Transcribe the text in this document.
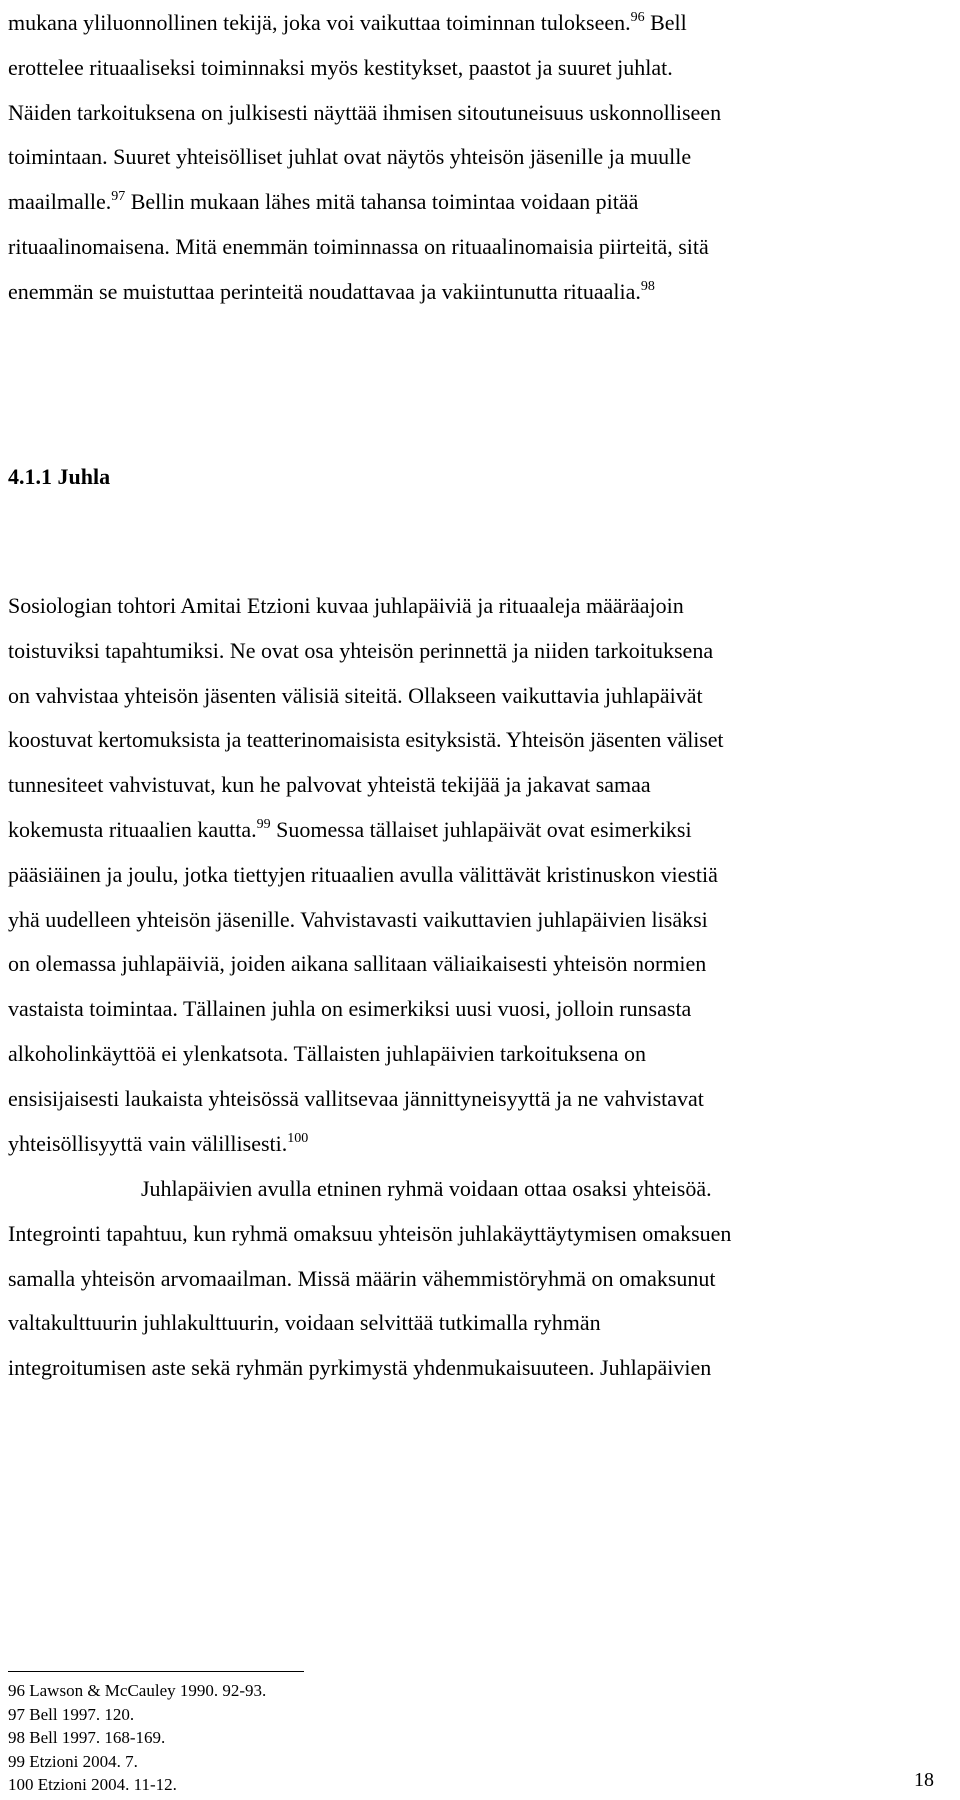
mukana yliluonnollinen tekijä, joka voi vaikuttaa toiminnan tulokseen.$^{96}$ Bell
erottelee rituaaliseksi toiminnaksi myös kestitykset, paastot ja suuret juhlat.
Näiden tarkoituksena on julkisesti näyttää ihmisen sitoutuneisuus uskonnolliseen
toimintaan. Suuret yhteisölliset juhlat ovat näytös yhteisön jäsenille ja muulle
maailmalle.$^{97}$ Bellin mukaan lähes mitä tahansa toimintaa voidaan pitää
rituaalinomaisena. Mitä enemmän toiminnassa on rituaalinomaisia piirteitä, sitä
enemmän se muistuttaa perinteitä noudattavaa ja vakiintunutta rituaalia.$^{98}$
4.1.1 Juhla
Sosiologian tohtori Amitai Etzioni kuvaa juhlapäiviä ja rituaaleja määräajoin
toistuviksi tapahtumiksi. Ne ovat osa yhteisön perinnettä ja niiden tarkoituksena
on vahvistaa yhteisön jäsenten välisiä siteitä. Ollakseen vaikuttavia juhlapäivät
koostuvat kertomuksista ja teatterinomaisista esityksistä. Yhteisön jäsenten väliset
tunnesiteet vahvistuvat, kun he palvovat yhteistä tekijää ja jakavat samaa
kokemusta rituaalien kautta.$^{99}$ Suomessa tällaiset juhlapäivät ovat esimerkiksi
pääsiäinen ja joulu, jotka tiettyjen rituaalien avulla välittävät kristinuskon viestiä
yhä uudelleen yhteisön jäsenille. Vahvistavasti vaikuttavien juhlapäivien lisäksi
on olemassa juhlapäiviä, joiden aikana sallitaan väliaikaisesti yhteisön normien
vastaista toimintaa. Tällainen juhla on esimerkiksi uusi vuosi, jolloin runsasta
alkoholinkäyttöä ei ylenkatsota. Tällaisten juhlapäivien tarkoituksena on
ensisijaisesti laukaista yhteisössä vallitsevaa jännittyneisyyttä ja ne vahvistavat
yhteisöllisyyttä vain välillisesti.$^{100}$
Juhlapäivien avulla etninen ryhmä voidaan ottaa osaksi yhteisöä.
Integrointi tapahtuu, kun ryhmä omaksuu yhteisön juhlakäyttäytymisen omaksuen
samalla yhteisön arvomaailman. Missä määrin vähemmistöryhmä on omaksunut
valtakulttuurin juhlakulttuurin, voidaan selvittää tutkimalla ryhmän
integroitumisen aste sekä ryhmän pyrkimystä yhdenmukaisuuteen. Juhlapäivien
96 Lawson & McCauley 1990. 92-93.
97 Bell 1997. 120.
98 Bell 1997. 168-169.
99 Etzioni 2004. 7.
100 Etzioni 2004. 11-12.	18
